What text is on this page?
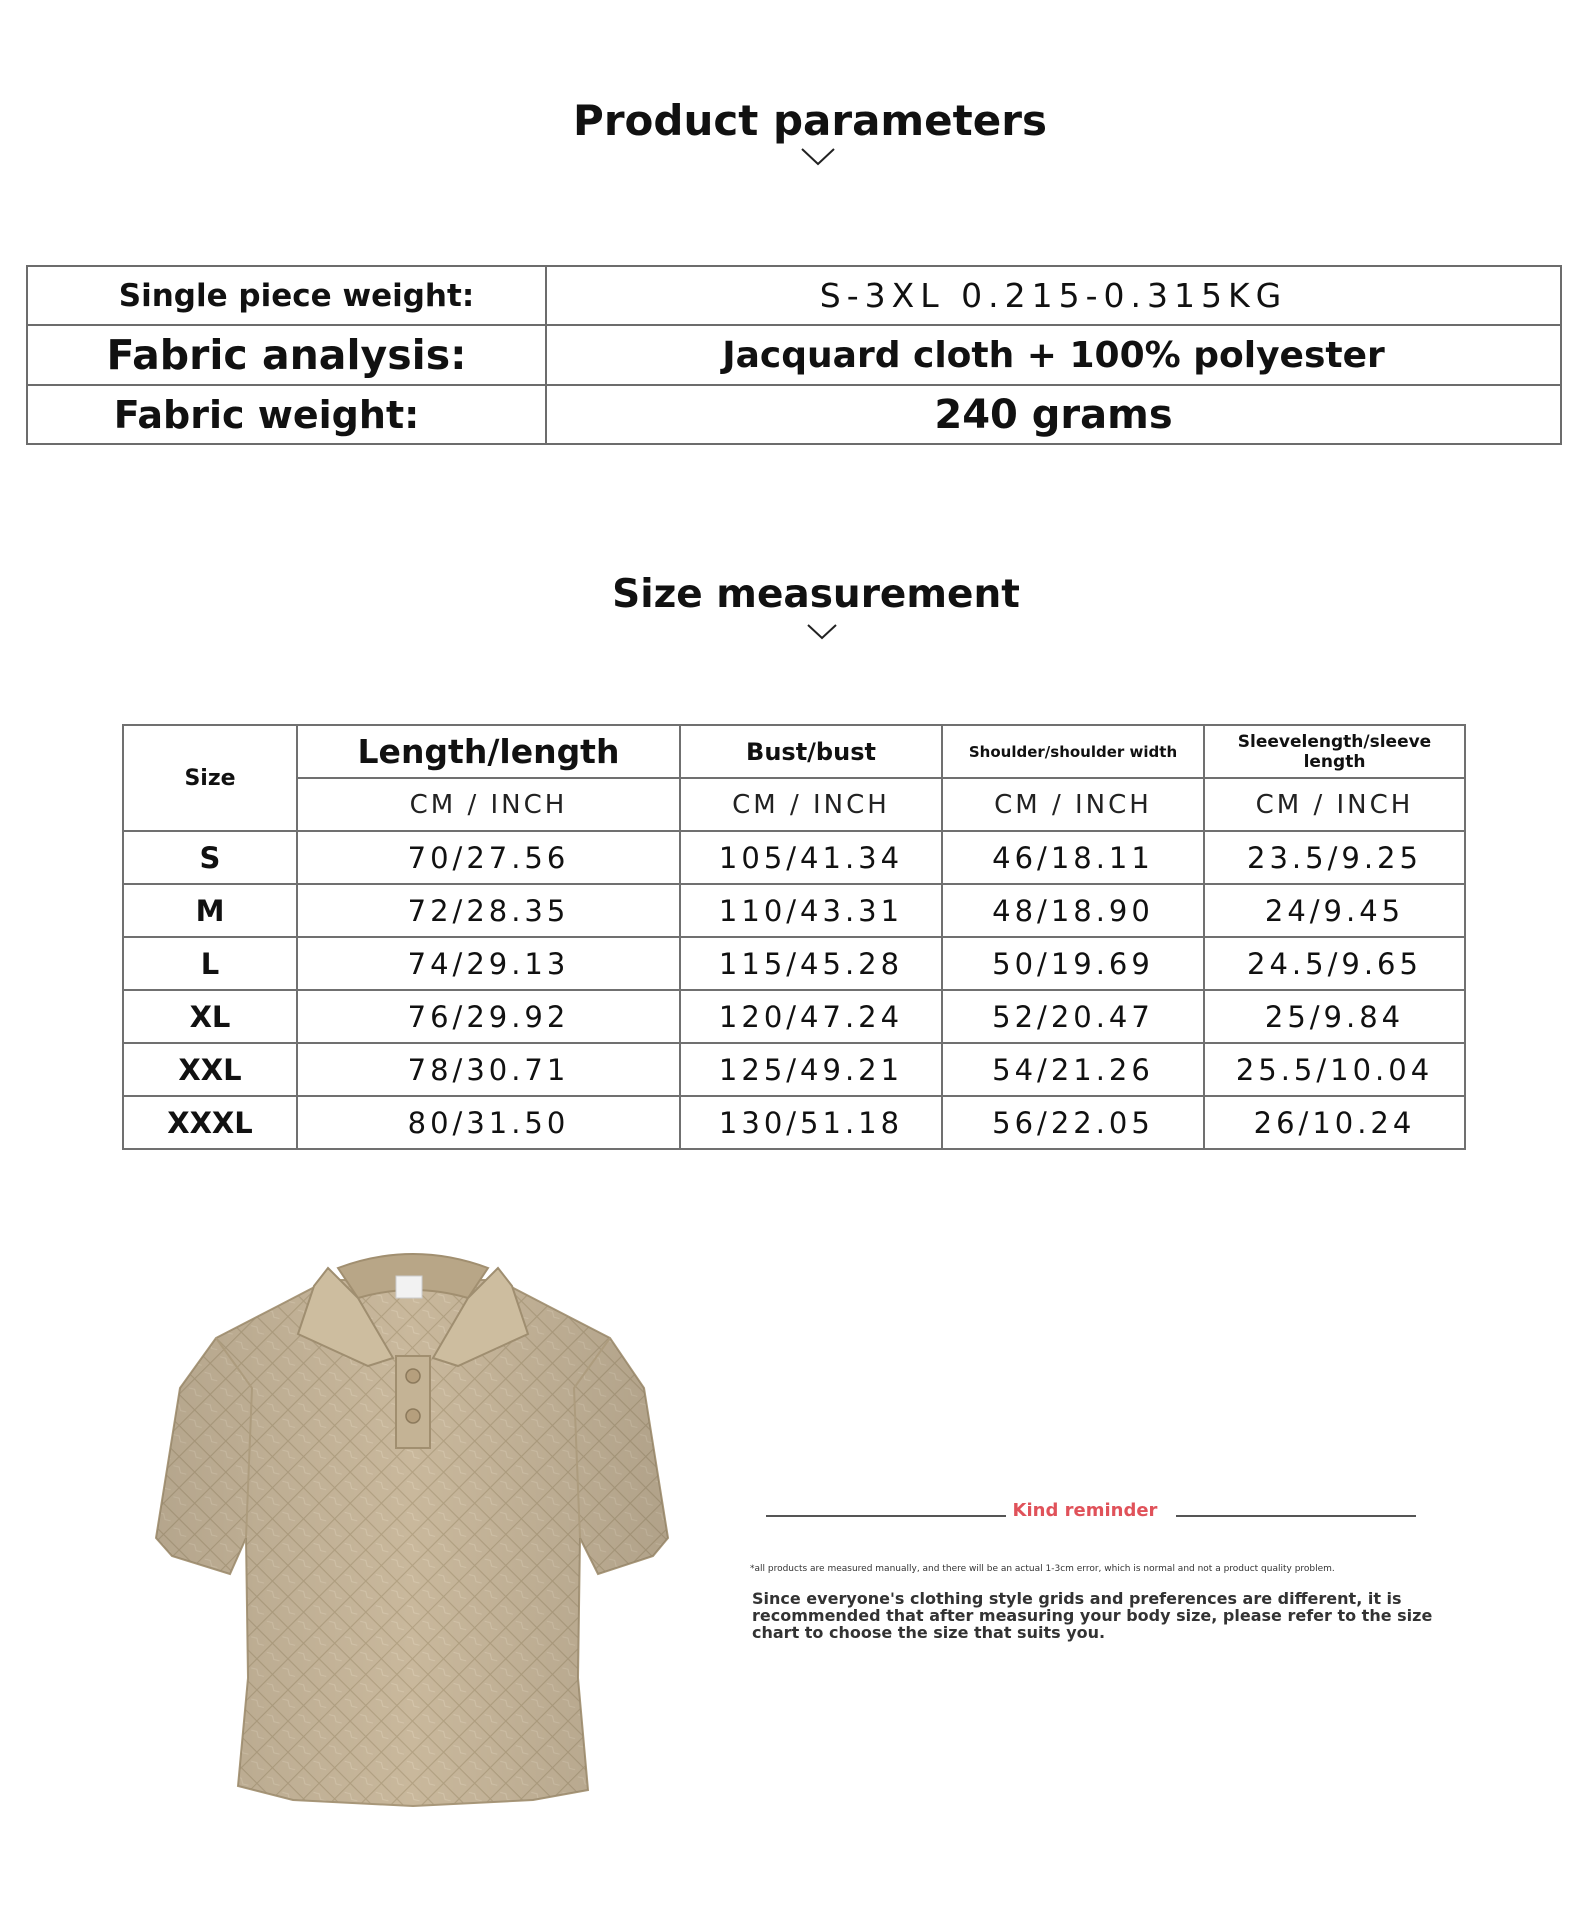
Product parameters
Single piece weight:	S-3XL 0.215-0.315KG
Fabric analysis:	Jacquard cloth + 100% polyester
Fabric weight:	240 grams
Size measurement
Size	Length/length	Bust/bust	Shoulder/shoulder width	Sleevelength/sleeve length
	CM / INCH	CM / INCH	CM / INCH	CM / INCH
S	70/27.56	105/41.34	46/18.11	23.5/9.25
M	72/28.35	110/43.31	48/18.90	24/9.45
L	74/29.13	115/45.28	50/19.69	24.5/9.65
XL	76/29.92	120/47.24	52/20.47	25/9.84
XXL	78/30.71	125/49.21	54/21.26	25.5/10.04
XXXL	80/31.50	130/51.18	56/22.05	26/10.24
Kind reminder
*all products are measured manually, and there will be an actual 1-3cm error, which is normal and not a product quality problem.
Since everyone's clothing style grids and preferences are different, it is recommended that after measuring your body size, please refer to the size chart to choose the size that suits you.
